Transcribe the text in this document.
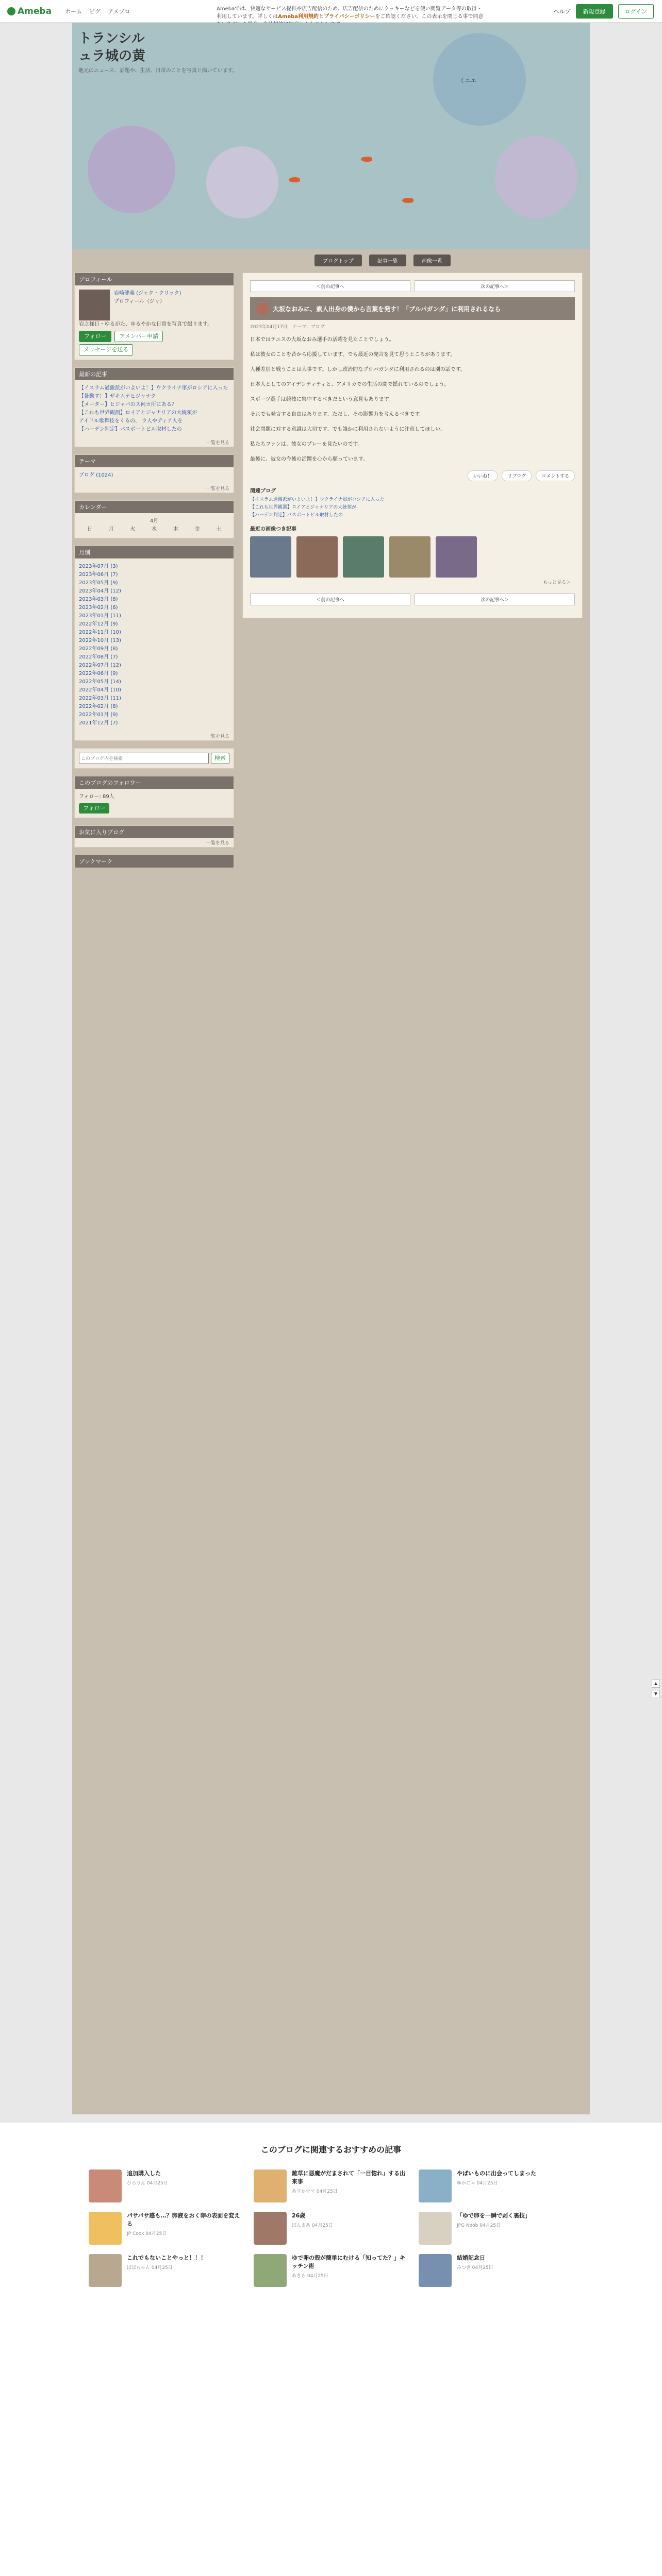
Ameba ホーム ピグ アメブロ	ヘルプ	新規登録	ログイン
Amebaでは、快適なサービス提供や広告配信のため、広告配信のためにクッキーなどを使い閲覧データ等の取得・利用しています。詳しくはAmeba利用規約とプライバシーポリシーをご確認ください。この表示を閉じる事で同意
トランシル
ュラ城の黄
地元のニュース、話題や、生活、日常のことを写真と描いています。
くエエ
ブログトップ	記事一覧	画像一覧
プロフィール
岩崎健義 (ジャク・クリック)
プロフィール（ジャ）
岩之様日・ゆるがた、ゆるやかな日常を写真で綴ります。
フォロー	アメンバー申請
メッセージを送る
最新の記事
【イスラム過激派がいよいよ！】ウクライナ軍がロシアに入った
【暴動す！】ザキムナヒジャナク
【メーター】ヒジャバのス何カ所にある？
【これも世界観測】ロイアとジャナリアの大統領が
アイドル歌舞伎をくるの、 ラ人やディア人を
【ハーデン判定】パスポートビル取材したの
一覧を見る
テーマ
ブログ (1024)
一覧を見る
カレンダー
4月
日	月	火	水	木	金	土
月別
2023年07月 (3)
2023年06月 (7)
2023年05月 (9)
2023年04月 (12)
2023年03月 (8)
2023年02月 (6)
2023年01月 (11)
2022年12月 (9)
2022年11月 (10)
2022年10月 (13)
2022年09月 (8)
2022年08月 (7)
2022年07月 (12)
2022年06月 (9)
2022年05月 (14)
2022年04月 (10)
2022年03月 (11)
2022年02月 (8)
2022年01月 (9)
2021年12月 (7)
一覧を見る
このブログ内を検索
検索
このブログのフォロワー
フォロー: 89人
フォロー
お気に入りブログ
一覧を見る
ブックマーク
＜前の記事へ	次の記事へ＞
大坂なおみに、素人出身の僕から言葉を発す！「ブルパガンダ」に利用されるなら
2023年04月17日　 テーマ：ブログ

日本ではテニスの大坂なおみ選手の活躍を見たことでしょう。

私は彼女のことを昔から応援しています。でも最近の発言を見て思うところがあります。

人種差別と戦うことは大事です。しかし政治的なプロパガンダに利用されるのは別の話です。

日本人としてのアイデンティティと、アメリカでの生活の間で揺れているのでしょう。

スポーツ選手は競技に集中するべきだという意見もあります。

それでも発言する自由はあります。ただし、その影響力を考えるべきです。

社会問題に対する意識は大切です。でも誰かに利用されないように注意してほしい。

私たちファンは、彼女のプレーを見たいのです。

最後に、彼女の今後の活躍を心から願っています。

いいね！	リブログ	コメントする
関連ブログ
【イスラム過激派がいよいよ！】ウクライナ軍がロシアに入った
【これも世界観測】ロイアとジャナリアの大統領が
【ハーデン判定】パスポートビル取材したの
最近の画像つき記事
もっと見る＞
＜前の記事へ	次の記事へ＞
▲
▼
このブログに関連するおすすめの記事
追加購入した
ひろりん 04月25日
雑草に悪魔がだまされて「一目惚れ」する出来事
あすかママ 04月25日
やばいものに出会ってしまった
ゆかにゃ 04月25日
パサパサ感も…？卵液をおく卵の表面を変える
JP Cook 04月25日
26歳
ぱんまあ 04月25日
「ゆで卵を一瞬で剥く裏技」
JPG Noob 04月25日
これでもないことやっと！！！
ぽぽちゃん 04月25日
ゆで卵の殻が簡単にむける「知ってた？」キッチン術
あきら 04月25日
結婚記念日
みつき 04月25日
